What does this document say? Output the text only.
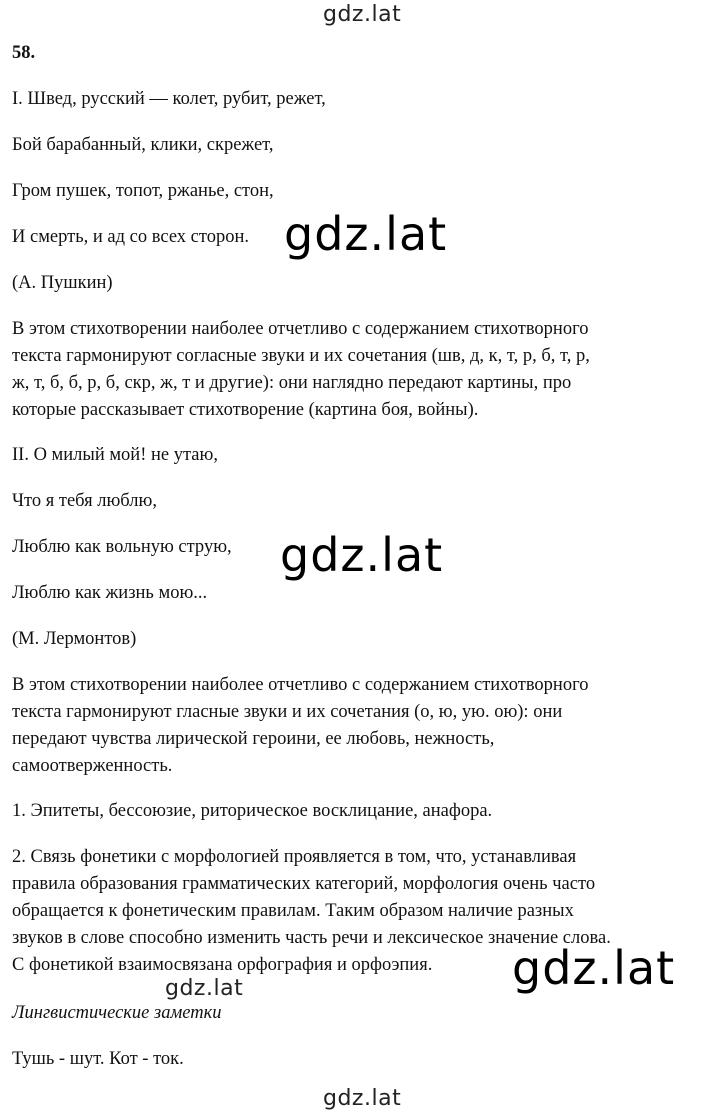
gdz.lat
58.
I. Швед, русский — колет, рубит, режет,
Бой барабанный, клики, скрежет,
Гром пушек, топот, ржанье, стон,
И смерть, и ад со всех сторон. gdz.lat
(А. Пушкин)
В этом стихотворении наиболее отчетливо с содержанием стихотворного
текста гармонируют согласные звуки и их сочетания (шв, д, к, т, р, б, т, р,
ж, т, б, б, р, б, скр, ж, т и другие): они наглядно передают картины, про
которые рассказывает стихотворение (картина боя, войны).
II. О милый мой! не утаю,
Что я тебя люблю,
Люблю как вольную струю,
Люблю как жизнь мою...
gdz.lat
(М. Лермонтов)
В этом стихотворении наиболее отчетливо с содержанием стихотворного
текста гармонируют гласные звуки и их сочетания (о, ю, ую. ою): они
передают чувства лирической героини, ее любовь, нежность,
самоотверженность.
1. Эпитеты, бессоюзие, риторическое восклицание, анафора.
2. Связь фонетики с морфологией проявляется в том, что, устанавливая
правила образования грамматических категорий, морфология очень часто
обращается к фонетическим правилам. Таким образом наличие разных
звуков в слове способно изменить часть речи и лексическое значение слова.
С фонетикой взаимосвязана орфография и орфоэпия.	gdz.lat
gdz.lat
Лингвистические заметки
Тушь - шут. Кот - ток.
gdz.lat
